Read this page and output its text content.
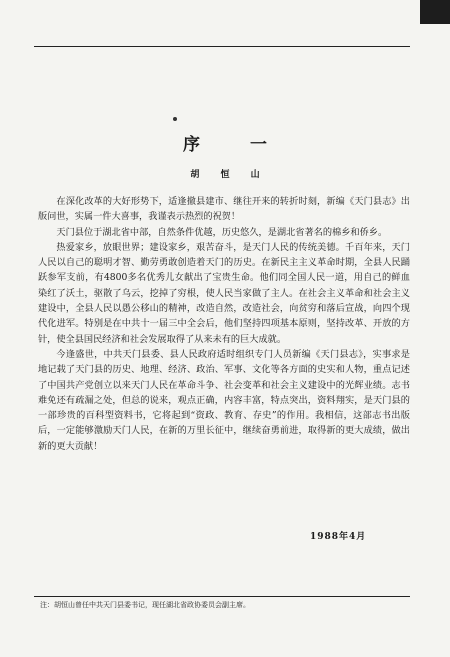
序 一
胡 恒 山

在深化改革的大好形势下，适逢撤县建市、继往开来的转折时刻，新编《天门县志》出版问世，实属一件大喜事，我谨表示热烈的祝贺！

天门县位于湖北省中部，自然条件优越，历史悠久，是湖北省著名的棉乡和侨乡。

热爱家乡，放眼世界；建设家乡，艰苦奋斗，是天门人民的传统美德。千百年来，天门人民以自己的聪明才智、勤劳勇敢创造着天门的历史。在新民主主义革命时期，全县人民踊跃参军支前，有4800多名优秀儿女献出了宝贵生命。他们同全国人民一道，用自己的鲜血染红了沃土，驱散了乌云，挖掉了穷根，使人民当家做了主人。在社会主义革命和社会主义建设中，全县人民以愚公移山的精神，改造自然，改造社会，向贫穷和落后宣战，向四个现代化进军。特别是在中共十一届三中全会后，他们坚持四项基本原则，坚持改革、开放的方针，使全县国民经济和社会发展取得了从来未有的巨大成就。

今逢盛世，中共天门县委、县人民政府适时组织专门人员新编《天门县志》，实事求是地记载了天门县的历史、地理、经济、政治、军事、文化等各方面的史实和人物，重点记述了中国共产党创立以来天门人民在革命斗争、社会变革和社会主义建设中的光辉业绩。志书难免还有疏漏之处，但总的说来，观点正确，内容丰富，特点突出，资料翔实，是天门县的一部珍贵的百科型资料书，它将起到“资政、教育、存史”的作用。我相信，这部志书出版后，一定能够激励天门人民，在新的万里长征中，继续奋勇前进，取得新的更大成绩，做出新的更大贡献！

1988年4月
注：胡恒山曾任中共天门县委书记，现任湖北省政协委员会副主席。
